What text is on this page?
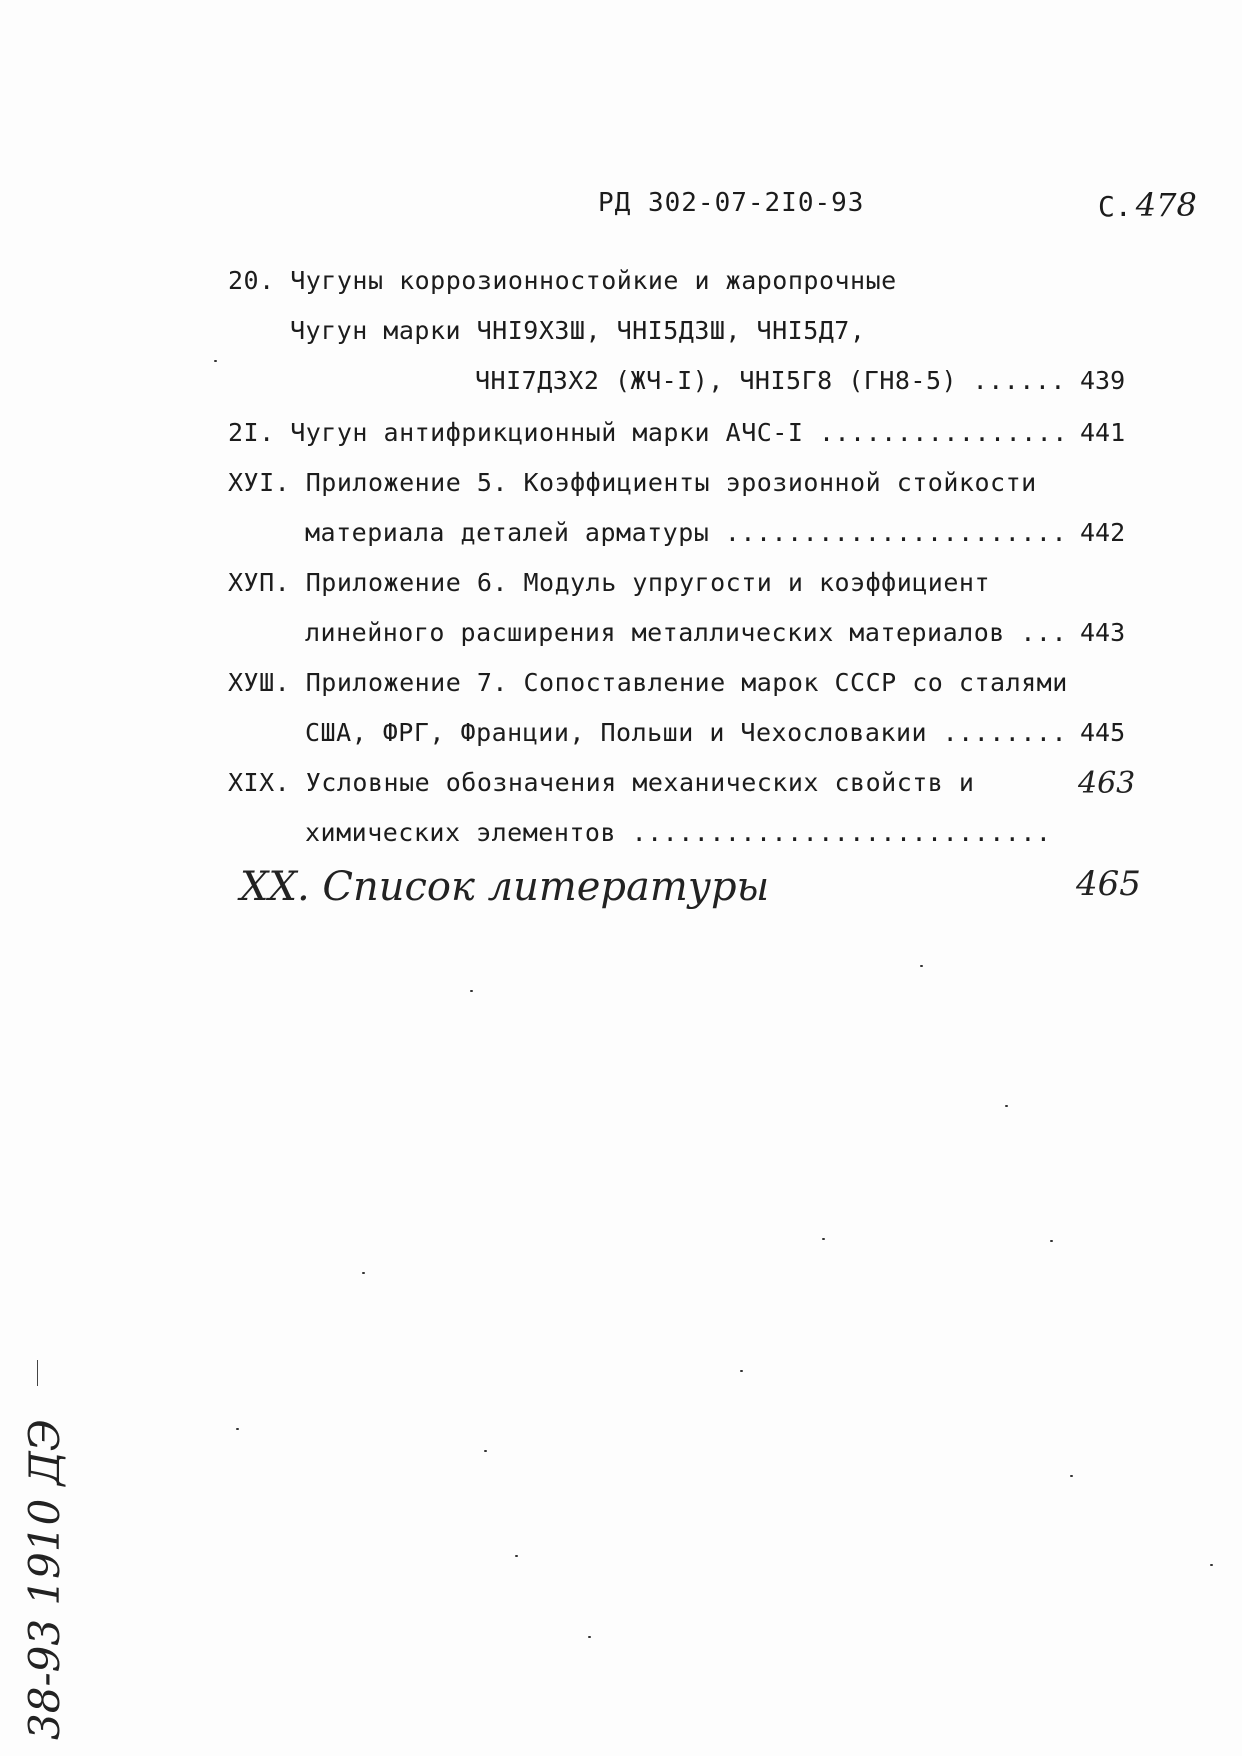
РД 302-07-2I0-93	С. 478
20. Чугуны коррозионностойкие и жаропрочные
Чугун марки ЧНI9ХЗШ, ЧНI5ДЗШ, ЧНI5Д7,
ЧНI7ДЗХ2 (ЖЧ-I), ЧНI5Г8 (ГН8-5) ...... 439
2I. Чугун антифрикционный марки АЧС-I ................ 441
ХУI. Приложение 5. Коэффициенты эрозионной стойкости
материала деталей арматуры ...................... 442
ХУП. Приложение 6. Модуль упругости и коэффициент
линейного расширения металлических материалов ... 443
ХУШ. Приложение 7. Сопоставление марок СССР со сталями
США, ФРГ, Франции, Польши и Чехословакии ........ 445
ХIХ. Условные обозначения механических свойств и	463
химических элементов ...........................
ХХ. Список литературы	465
38-93 1910 ДЭ
